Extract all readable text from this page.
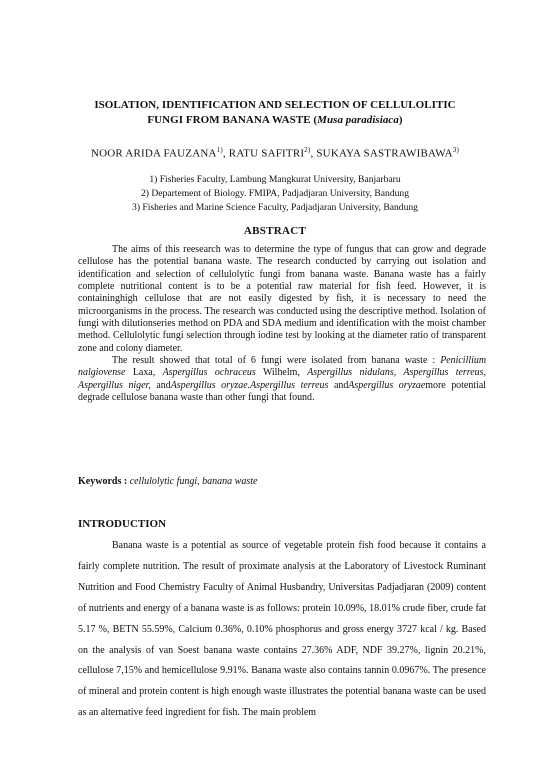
ISOLATION, IDENTIFICATION AND SELECTION OF CELLULOLITIC
FUNGI FROM BANANA WASTE (Musa paradisiaca)
NOOR ARIDA FAUZANA$^{1)}$, RATU SAFITRI$^{2)}$, SUKAYA SASTRAWIBAWA$^{3)}$
1) Fisheries Faculty, Lambung Mangkurat University, Banjarbaru
2) Departement of Biology. FMIPA, Padjadjaran University, Bandung
3) Fisheries and Marine Science Faculty, Padjadjaran University, Bandung
ABSTRACT

The aims of this reesearch was to determine the type of fungus that can grow and degrade cellulose has the potential banana waste. The research conducted by carrying out isolation and identification and selection of cellulolytic fungi from banana waste. Banana waste has a fairly complete nutritional content is to be a potential raw material for fish feed. However, it is containinghigh cellulose that are not easily digested by fish, it is necessary to need the microorganisms in the process. The research was conducted using the descriptive method. Isolation of fungi with dilutionseries method on PDA and SDA medium and identification with the moist chamber method. Cellulolytic fungi selection through iodine test by looking at the diameter ratio of transparent zone and colony diameter.

The result showed that total of 6 fungi were isolated from banana waste : Penicillium nalgiovense Laxa, Aspergillus ochraceus Wilhelm, Aspergillus nidulans, Aspergillus terreus, Aspergillus niger, andAspergillus oryzae.Aspergillus terreus andAspergillus oryzaemore potential degrade cellulose banana waste than other fungi that found.

Keywords : cellulolytic fungi, banana waste
INTRODUCTION

Banana waste is a potential as source of vegetable protein fish food because it contains a fairly complete nutrition. The result of proximate analysis at the Laboratory of Livestock Ruminant Nutrition and Food Chemistry Faculty of Animal Husbandry, Universitas Padjadjaran (2009) content of nutrients and energy of a banana waste is as follows: protein 10.09%, 18.01% crude fiber, crude fat 5.17 %, BETN 55.59%, Calcium 0.36%, 0.10% phosphorus and gross energy 3727 kcal / kg. Based on the analysis of van Soest banana waste contains 27.36% ADF, NDF 39.27%, lignin 20.21%, cellulose 7,15% and hemicellulose 9.91%. Banana waste also contains tannin 0.0967%. The presence of mineral and protein content is high enough waste illustrates the potential banana waste can be used as an alternative feed ingredient for fish. The main problem
